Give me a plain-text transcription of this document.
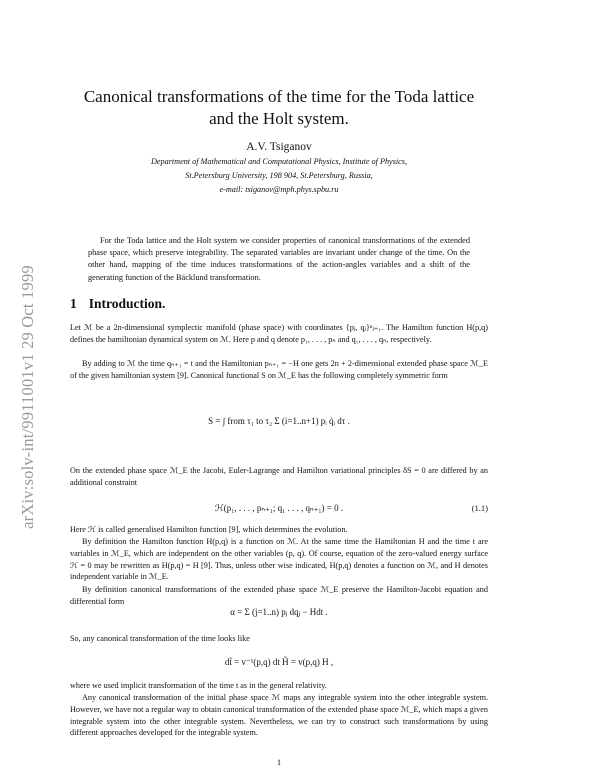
arXiv:solv-int/9911001v1 29 Oct 1999
Canonical transformations of the time for the Toda lattice
and the Holt system.
A.V. Tsiganov
Department of Mathematical and Computational Physics, Institute of Physics,
St.Petersburg University, 198 904, St.Petersburg, Russia,
e-mail: tsiganov@mph.phys.spbu.ru
For the Toda lattice and the Holt system we consider properties of canonical transformations of the extended phase space, which preserve integrability. The separated variables are invariant under change of the time. On the other hand, mapping of the time induces transformations of the action-angles variables and a shift of the generating function of the Bäcklund transformation.
1 Introduction.
Let ℳ be a 2n-dimensional symplectic manifold (phase space) with coordinates {pⱼ, qⱼ}ⁿⱼ₌₁. The Hamilton function H(p,q) defines the hamiltonian dynamical system on ℳ. Here p and q denote p₁, . . . , pₙ and q₁, . . . , qₙ, respectively.
By adding to ℳ the time qₙ₊₁ = t and the Hamiltonian pₙ₊₁ = −H one gets 2n + 2-dimensional extended phase space ℳ_E of the given hamiltonian system [9]. Canonical functional S on ℳ_E has the following completely symmetric form
S = ∫ from τ₁ to τ₂ Σ (i=1..n+1) pᵢ q̇ᵢ dτ .
On the extended phase space ℳ_E the Jacobi, Euler-Lagrange and Hamilton variational principles δS = 0 are differed by an additional constraint
ℋ(p₁, . . . , pₙ₊₁; q₁ . . . , qₙ₊₁) = 0 .	(1.1)
Here ℋ is called generalised Hamilton function [9], which determines the evolution.
By definition the Hamilton function H(p,q) is a function on ℳ. At the same time the Hamiltonian H and the time t are variables in ℳ_E, which are independent on the other variables (p, q). Of course, equation of the zero-valued energy surface ℋ = 0 may be rewritten as H(p,q) = H [9]. Thus, unless other wise indicated, H(p,q) denotes a function on ℳ, and H denotes independent variable in ℳ_E.
By definition canonical transformations of the extended phase space ℳ_E preserve the Hamilton-Jacobi equation and differential form
α = Σ (j=1..n) pⱼ dqⱼ − Hdt .
So, any canonical transformation of the time looks like
dt̃ = v⁻¹(p,q) dt H̃ = v(p,q) H ,
where we used implicit transformation of the time t as in the general relativity.
Any canonical transformation of the initial phase space ℳ maps any integrable system into the other integrable system. However, we have not a regular way to obtain canonical transformation of the extended phase space ℳ_E, which maps a given integrable system into the other integrable system. Nevertheless, we can try to construct such transformations by using different approaches developed for the integrable system.
1
